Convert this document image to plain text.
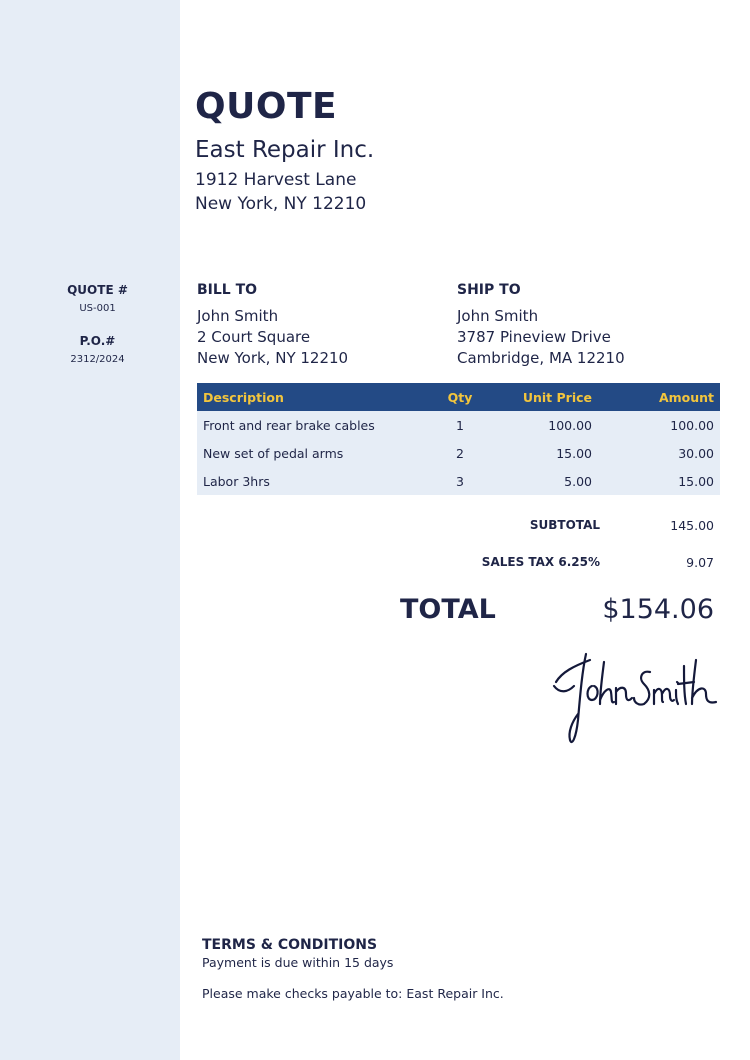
QUOTE #
US-001
P.O.#
2312/2024
QUOTE
East Repair Inc.
1912 Harvest Lane
New York, NY 12210
BILL TO
John Smith
2 Court Square
New York, NY 12210
SHIP TO
John Smith
3787 Pineview Drive
Cambridge, MA 12210
Description	Qty	Unit Price	Amount
Front and rear brake cables	1	100.00	100.00
New set of pedal arms	2	15.00	30.00
Labor 3hrs	3	5.00	15.00
SUBTOTAL	145.00
SALES TAX 6.25%	9.07
TOTAL	$154.06
TERMS & CONDITIONS
Payment is due within 15 days
Please make checks payable to: East Repair Inc.
